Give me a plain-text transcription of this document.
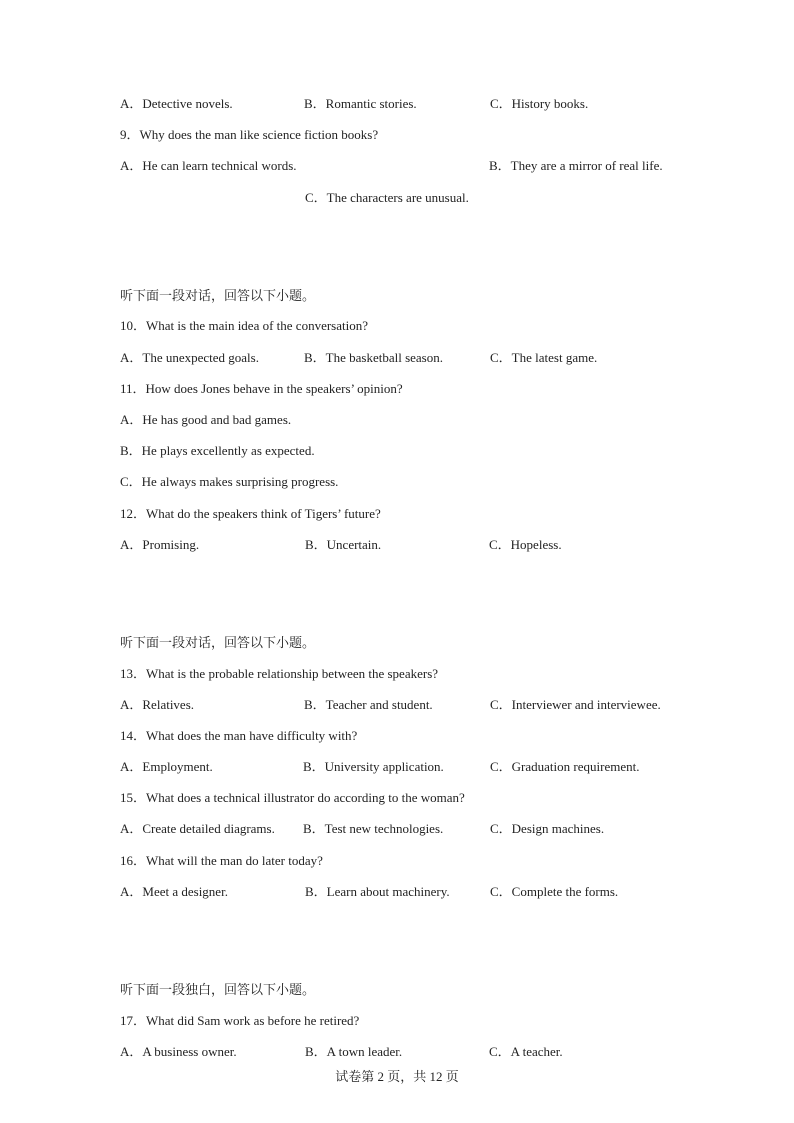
A．Detective novels.	B．Romantic stories.	C．History books.
9．Why does the man like science fiction books?
A．He can learn technical words.	B．They are a mirror of real life.
C．The characters are unusual.
听下面一段对话，回答以下小题。
10．What is the main idea of the conversation?
A．The unexpected goals.	B．The basketball season.	C．The latest game.
11．How does Jones behave in the speakers’ opinion?
A．He has good and bad games.
B．He plays excellently as expected.
C．He always makes surprising progress.
12．What do the speakers think of Tigers’ future?
A．Promising.	B．Uncertain.	C．Hopeless.
听下面一段对话，回答以下小题。
13．What is the probable relationship between the speakers?
A．Relatives.	B．Teacher and student.	C．Interviewer and interviewee.
14．What does the man have difficulty with?
A．Employment.	B．University application.	C．Graduation requirement.
15．What does a technical illustrator do according to the woman?
A．Create detailed diagrams. B．Test new technologies.	C．Design machines.
16．What will the man do later today?
A．Meet a designer.	B．Learn about machinery.	C．Complete the forms.
听下面一段独白，回答以下小题。
17．What did Sam work as before he retired?
A．A business owner.	B．A town leader.	C．A teacher.
试卷第 2 页，共 12 页
